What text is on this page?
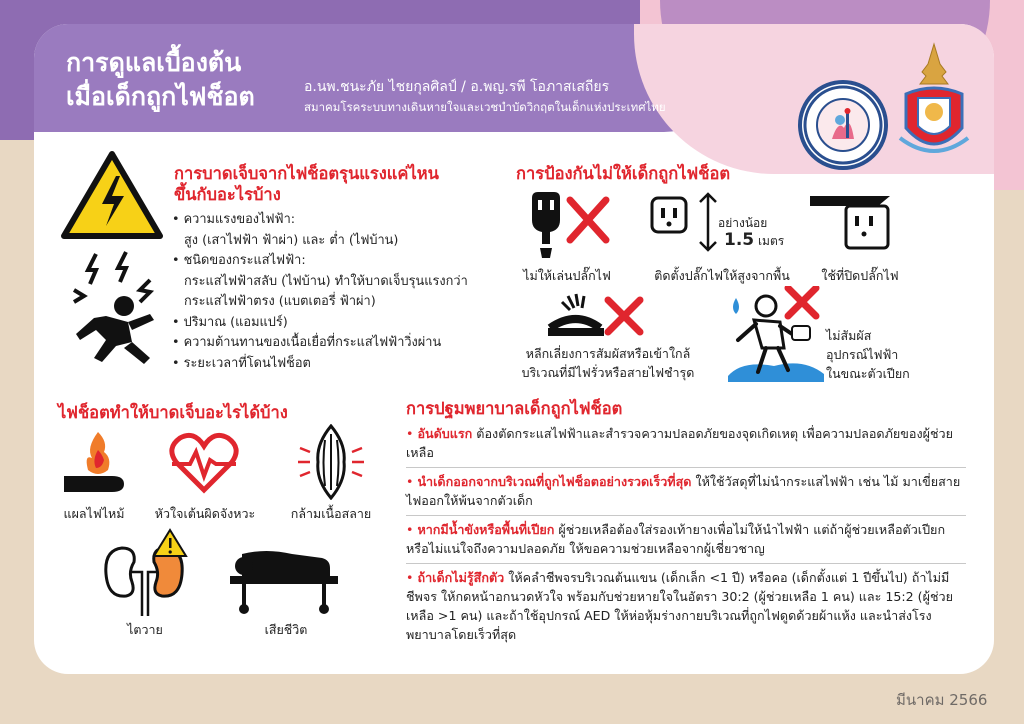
การดูแลเบื้องต้น
เมื่อเด็กถูกไฟช็อต	อ.นพ.ชนะภัย ไชยกุลศิลป์ / อ.พญ.รพี โอภาสเสถียร
สมาคมโรคระบบทางเดินหายใจและเวชบำบัดวิกฤตในเด็กแห่งประเทศไทย
การบาดเจ็บจากไฟช็อตรุนแรงแค่ไหน
ขึ้นกับอะไรบ้าง
• ความแรงของไฟฟ้า:
สูง (เสาไฟฟ้า ฟ้าผ่า) และ ต่ำ (ไฟบ้าน)
• ชนิดของกระแสไฟฟ้า:
กระแสไฟฟ้าสลับ (ไฟบ้าน) ทำให้บาดเจ็บรุนแรงกว่า
กระแสไฟฟ้าตรง (แบตเตอรี่ ฟ้าผ่า)
• ปริมาณ (แอมแปร์)
• ความต้านทานของเนื้อเยื่อที่กระแสไฟฟ้าวิ่งผ่าน
• ระยะเวลาที่โดนไฟช็อต
การป้องกันไม่ให้เด็กถูกไฟช็อต
ไม่ให้เล่นปลั๊กไฟ
อย่างน้อย
1.5 เมตร
ติดตั้งปลั๊กไฟให้สูงจากพื้น	ใช้ที่ปิดปลั๊กไฟ
หลีกเลี่ยงการสัมผัสหรือเข้าใกล้
บริเวณที่มีไฟรั่วหรือสายไฟชำรุด
ไม่สัมผัส
อุปกรณ์ไฟฟ้า
ในขณะตัวเปียก
ไฟช็อตทำให้บาดเจ็บอะไรได้บ้าง
แผลไฟไหม้	หัวใจเต้นผิดจังหวะ	กล้ามเนื้อสลาย
ไตวาย	เสียชีวิต
การปฐมพยาบาลเด็กถูกไฟช็อต
• อันดับแรก ต้องตัดกระแสไฟฟ้าและสำรวจความปลอดภัยของจุดเกิดเหตุ เพื่อความปลอดภัยของผู้ช่วยเหลือ
• นำเด็กออกจากบริเวณที่ถูกไฟช็อตอย่างรวดเร็วที่สุด ให้ใช้วัสดุที่ไม่นำกระแสไฟฟ้า เช่น ไม้ มาเขี่ยสายไฟออกให้พ้นจากตัวเด็ก
• หากมีน้ำขังหรือพื้นที่เปียก ผู้ช่วยเหลือต้องใส่รองเท้ายางเพื่อไม่ให้นำไฟฟ้า แต่ถ้าผู้ช่วยเหลือตัวเปียกหรือไม่แน่ใจถึงความปลอดภัย ให้ขอความช่วยเหลือจากผู้เชี่ยวชาญ
• ถ้าเด็กไม่รู้สึกตัว ให้คลำชีพจรบริเวณต้นแขน (เด็กเล็ก <1 ปี) หรือคอ (เด็กตั้งแต่ 1 ปีขึ้นไป) ถ้าไม่มีชีพจร ให้กดหน้าอกนวดหัวใจ พร้อมกับช่วยหายใจในอัตรา 30:2 (ผู้ช่วยเหลือ 1 คน) และ 15:2 (ผู้ช่วยเหลือ >1 คน) และถ้าใช้อุปกรณ์ AED ให้ห่อหุ้มร่างกายบริเวณที่ถูกไฟดูดด้วยผ้าแห้ง และนำส่งโรงพยาบาลโดยเร็วที่สุด
มีนาคม 2566
